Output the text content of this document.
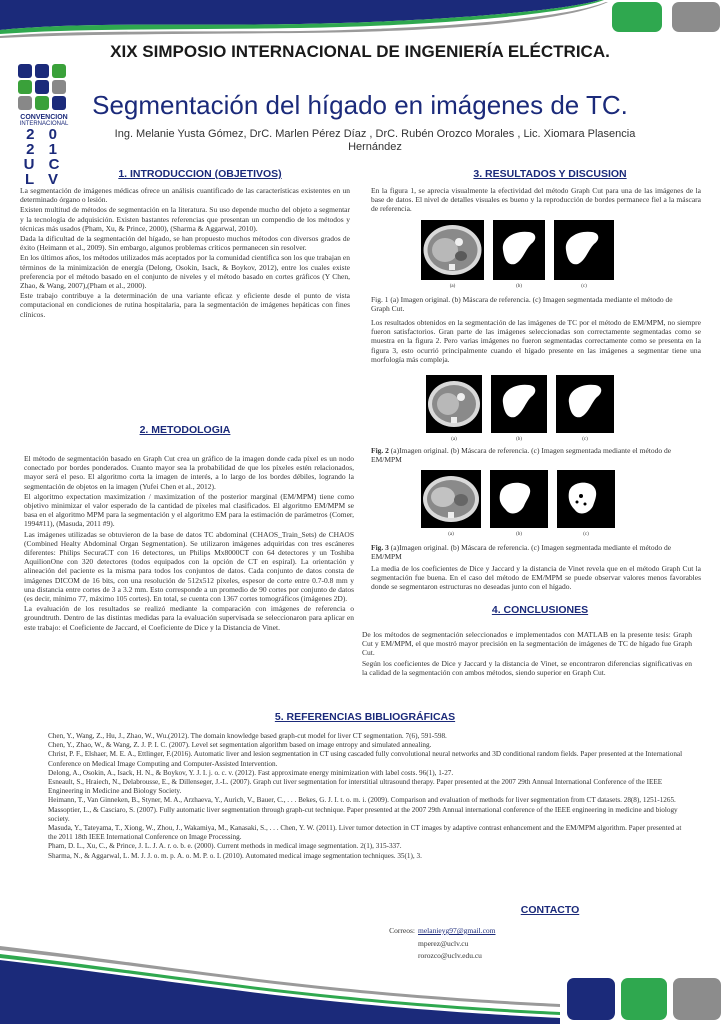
CONVENCION
INTERNACIONAL
2 0 2 1
U C L V
XIX SIMPOSIO INTERNACIONAL DE INGENIERÍA ELÉCTRICA.
Segmentación del hígado en imágenes de TC.
Ing. Melanie Yusta Gómez, DrC. Marlen Pérez Díaz , DrC. Rubén Orozco Morales , Lic. Xiomara Plasencia Hernández
1. INTRODUCCION (OBJETIVOS)

La segmentación de imágenes médicas ofrece un análisis cuantificado de las características existentes en un determinado órgano o lesión.

Existen multitud de métodos de segmentación en la literatura. Su uso depende mucho del objeto a segmentar y la tecnología de adquisición. Existen bastantes referencias que presentan un compendio de los métodos y técnicas más usados (Pham, Xu, & Prince, 2000), (Sharma & Aggarwal, 2010).

Dada la dificultad de la segmentación del hígado, se han propuesto muchos métodos con diversos grados de éxito (Heimann et al., 2009). Sin embargo, algunos problemas críticos permanecen sin resolver.

En los últimos años, los métodos utilizados más aceptados por la comunidad científica son los que trabajan en términos de la minimización de energía (Delong, Osokin, Isack, & Boykov, 2012), entre los cuales existe preferencia por el método basado en el conjunto de niveles y el método basado en cortes gráficos (Y Chen, Zhao, & Wang, 2007),(Pham et al., 2000).

Este trabajo contribuye a la determinación de una variante eficaz y eficiente desde el punto de vista computacional en condiciones de rutina hospitalaria, para la segmentación de imágenes hepáticas con fines clínicos.

2. METODOLOGIA

El método de segmentación basado en Graph Cut crea un gráfico de la imagen donde cada píxel es un nodo conectado por bordes ponderados. Cuanto mayor sea la probabilidad de que los píxeles estén relacionados, mayor será el peso. El algoritmo corta la imagen de interés, a lo largo de los bordes débiles, logrando la segmentación de objetos en la imagen (Yufei Chen et al., 2012).

El algoritmo expectation maximization / maximization of the posterior marginal (EM/MPM) tiene como objetivo minimizar el valor esperado de la cantidad de píxeles mal clasificados. El algoritmo EM/MPM se basa en el algoritmo MPM para la segmentación y el algoritmo EM para la estimación de parámetros (Comer, 1994#11), (Masuda, 2011 #9).

Las imágenes utilizadas se obtuvieron de la base de datos TC abdominal (CHAOS_Train_Sets) de CHAOS (Combined Healty Abdominal Organ Segmentation). Se utilizaron imágenes adquiridas con tres escáneres diferentes: Philips SecuraCT con 16 detectores, un Philips Mx8000CT con 64 detectores y un Toshiba AquilionOne con 320 detectores (todos equipados con la opción de CT en espiral). La orientación y alineación del paciente es la misma para todos los conjuntos de datos. Cada conjunto de datos consta de imágenes DICOM de 16 bits, con una resolución de 512x512 píxeles, espesor de corte entre 0.7-0.8 mm y una distancia entre cortes de 3 a 3.2 mm. Esto corresponde a un promedio de 90 cortes por conjunto de datos (es decir, mínimo 77, máximo 105 cortes). En total, se cuenta con 1367 cortes tomográficos (imágenes 2D).

La evaluación de los resultados se realizó mediante la comparación con imágenes de referencia o groundtruth. Dentro de las distintas medidas para la evaluación supervisada se seleccionaron para aplicar en este trabajo: el Coeficiente de Jaccard, el Coeficiente de Dice y la Distancia de Vinet.

3. RESULTADOS Y DISCUSION
En la figura 1, se aprecia visualmente la efectividad del método Graph Cut para una de las imágenes de la base de datos. El nivel de detalles visuales es bueno y la reproducción de bordes permanece fiel a la máscara de referencia.
(a)	(b)	(c)
Fig. 1 (a) Imagen original. (b) Máscara de referencia. (c) Imagen segmentada mediante el método de Graph Cut.
Los resultados obtenidos en la segmentación de las imágenes de TC por el método de EM/MPM, no siempre fueron satisfactorios. Gran parte de las imágenes seleccionadas son correctamente segmentadas como se muestra en la figura 2. Pero varias imágenes no fueron segmentadas correctamente como se presenta en la figura 3, esto ocurrió principalmente cuando el hígado presente en las imágenes a segmentar tiene una morfología más compleja.
(a)	(b)	(c)
Fig. 2 (a)Imagen original. (b) Máscara de referencia. (c) Imagen segmentada mediante el método de EM/MPM
(a)	(b)	(c)
Fig. 3 (a)Imagen original. (b) Máscara de referencia. (c) Imagen segmentada mediante el método de EM/MPM
La media de los coeficientes de Dice y Jaccard y la distancia de Vinet revela que en el método Graph Cut la segmentación fue buena. En el caso del método de EM/MPM se puede observar valores menos favorables donde se segmentaron estructuras no deseadas junto con el hígado.
4. CONCLUSIONES

De los métodos de segmentación seleccionados e implementados con MATLAB en la presente tesis: Graph Cut y EM/MPM, el que mostró mayor precisión en la segmentación de imágenes de TC de hígado fue Graph Cut.

Según los coeficientes de Dice y Jaccard y la distancia de Vinet, se encontraron diferencias significativas en la calidad de la segmentación con ambos métodos, siendo superior en Graph Cut.

5. REFERENCIAS BIBLIOGRÁFICAS
Chen, Y., Wang, Z., Hu, J., Zhao, W., Wu.(2012). The domain knowledge based graph-cut model for liver CT segmentation. 7(6), 591-598.
Chen, Y., Zhao, W., & Wang, Z. J. P. I. C. (2007). Level set segmentation algorithm based on image entropy and simulated annealing.
Christ, P. F., Elshaer, M. E. A., Ettlinger, F.(2016). Automatic liver and lesion segmentation in CT using cascaded fully convolutional neural networks and 3D conditional random fields. Paper presented at the International Conference on Medical Image Computing and Computer-Assisted Intervention.
Delong, A., Osokin, A., Isack, H. N., & Boykov, Y. J. I. j. o. c. v. (2012). Fast approximate energy minimization with label costs. 96(1), 1-27.
Esneault, S., Hraiech, N., Delabrousse, E., & Dillenseger, J.-L. (2007). Graph cut liver segmentation for interstitial ultrasound therapy. Paper presented at the 2007 29th Annual International Conference of the IEEE Engineering in Medicine and Biology Society.
Heimann, T., Van Ginneken, B., Styner, M. A., Arzhaeva, Y., Aurich, V., Bauer, C., . . . Bekes, G. J. I. t. o. m. i. (2009). Comparison and evaluation of methods for liver segmentation from CT datasets. 28(8), 1251-1265.
Massoptier, L., & Casciaro, S. (2007). Fully automatic liver segmentation through graph-cut technique. Paper presented at the 2007 29th Annual international conference of the IEEE engineering in medicine and biology society.
Masuda, Y., Tateyama, T., Xiong, W., Zhou, J., Wakamiya, M., Kanasaki, S., . . . Chen, Y. W. (2011). Liver tumor detection in CT images by adaptive contrast enhancement and the EM/MPM algorithm. Paper presented at the 2011 18th IEEE International Conference on Image Processing.
Pham, D. L., Xu, C., & Prince, J. L. J. A. r. o. b. e. (2000). Current methods in medical image segmentation. 2(1), 315-337.
Sharma, N., & Aggarwal, L. M. J. J. o. m. p. A. o. M. P. o. I. (2010). Automated medical image segmentation techniques. 35(1), 3.
CONTACTO
Correos: melanieyg97@gmail.com
mperez@uclv.cu
rorozco@uclv.edu.cu
